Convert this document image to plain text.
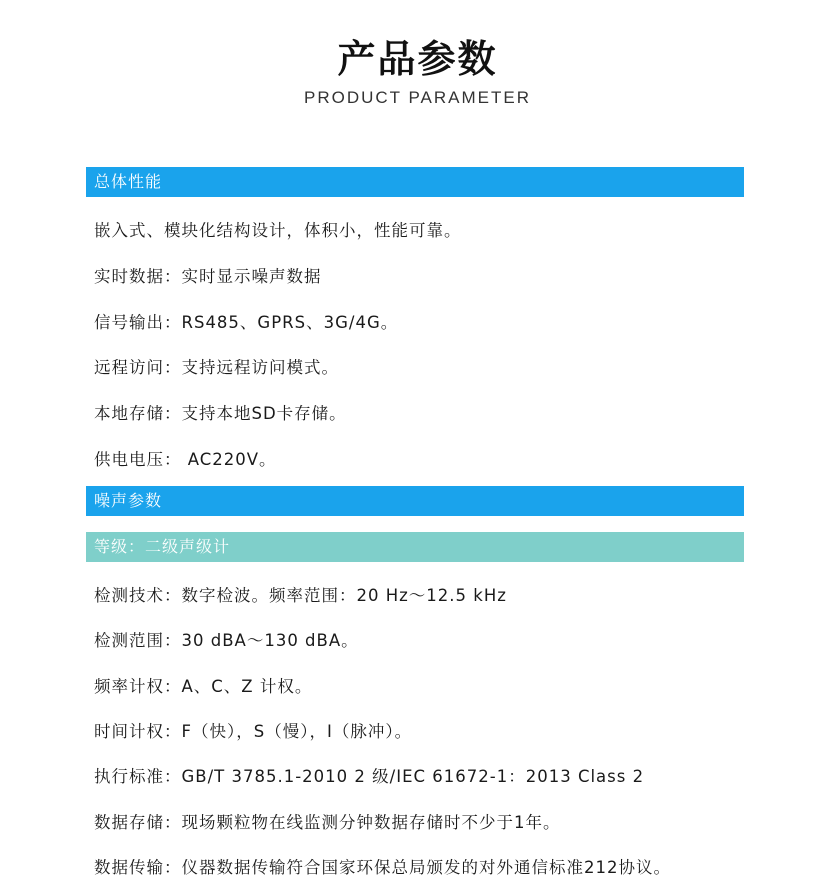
产品参数
PRODUCT PARAMETER
总体性能
嵌入式、模块化结构设计，体积小，性能可靠。
实时数据：实时显示噪声数据
信号输出：RS485、GPRS、3G/4G。
远程访问：支持远程访问模式。
本地存储：支持本地SD卡存储。
供电电压： AC220V。
噪声参数
等级：二级声级计
检测技术：数字检波。频率范围：20 Hz～12.5 kHz
检测范围：30 dBA～130 dBA。
频率计权：A、C、Z 计权。
时间计权：F（快），S（慢），I（脉冲）。
执行标准：GB/T 3785.1-2010 2 级/IEC 61672-1：2013 Class 2
数据存储：现场颗粒物在线监测分钟数据存储时不少于1年。
数据传输：仪器数据传输符合国家环保总局颁发的对外通信标准212协议。
